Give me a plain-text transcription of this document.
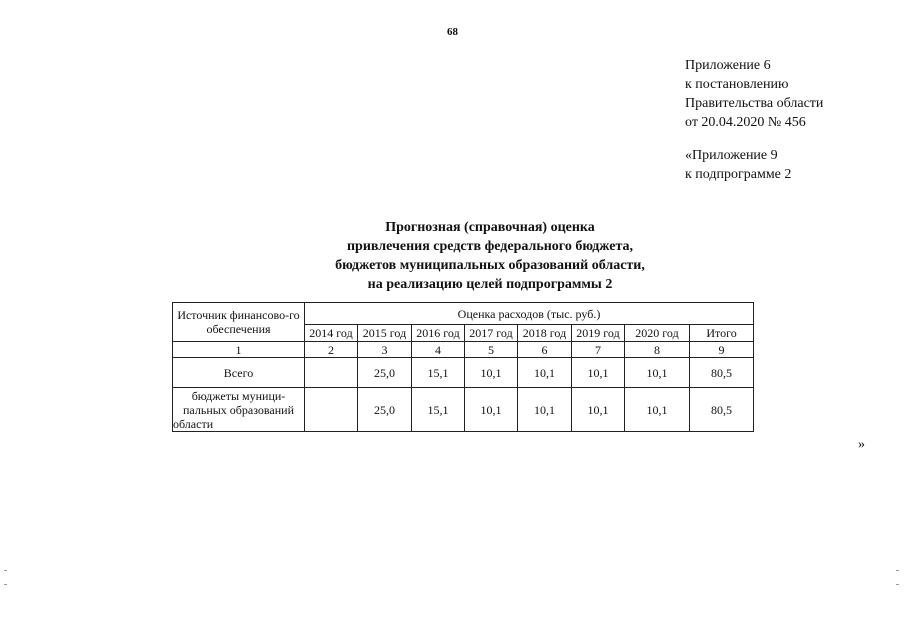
68
Приложение 6
к постановлению
Правительства области
от 20.04.2020 № 456
«Приложение 9
к подпрограмме 2
Прогнозная (справочная) оценка
привлечения средств федерального бюджета,
бюджетов муниципальных образований области,
на реализацию целей подпрограммы 2
Источник финансово-го обеспечения	Оценка расходов (тыс. руб.)							
	2014 год	2015 год	2016 год	2017 год	2018 год	2019 год	2020 год	Итого
1	2	3	4	5	6	7	8	9
Всего		25,0	15,1	10,1	10,1	10,1	10,1	80,5
бюджеты муници-пальных образований области		25,0	15,1	10,1	10,1	10,1	10,1	80,5
»
